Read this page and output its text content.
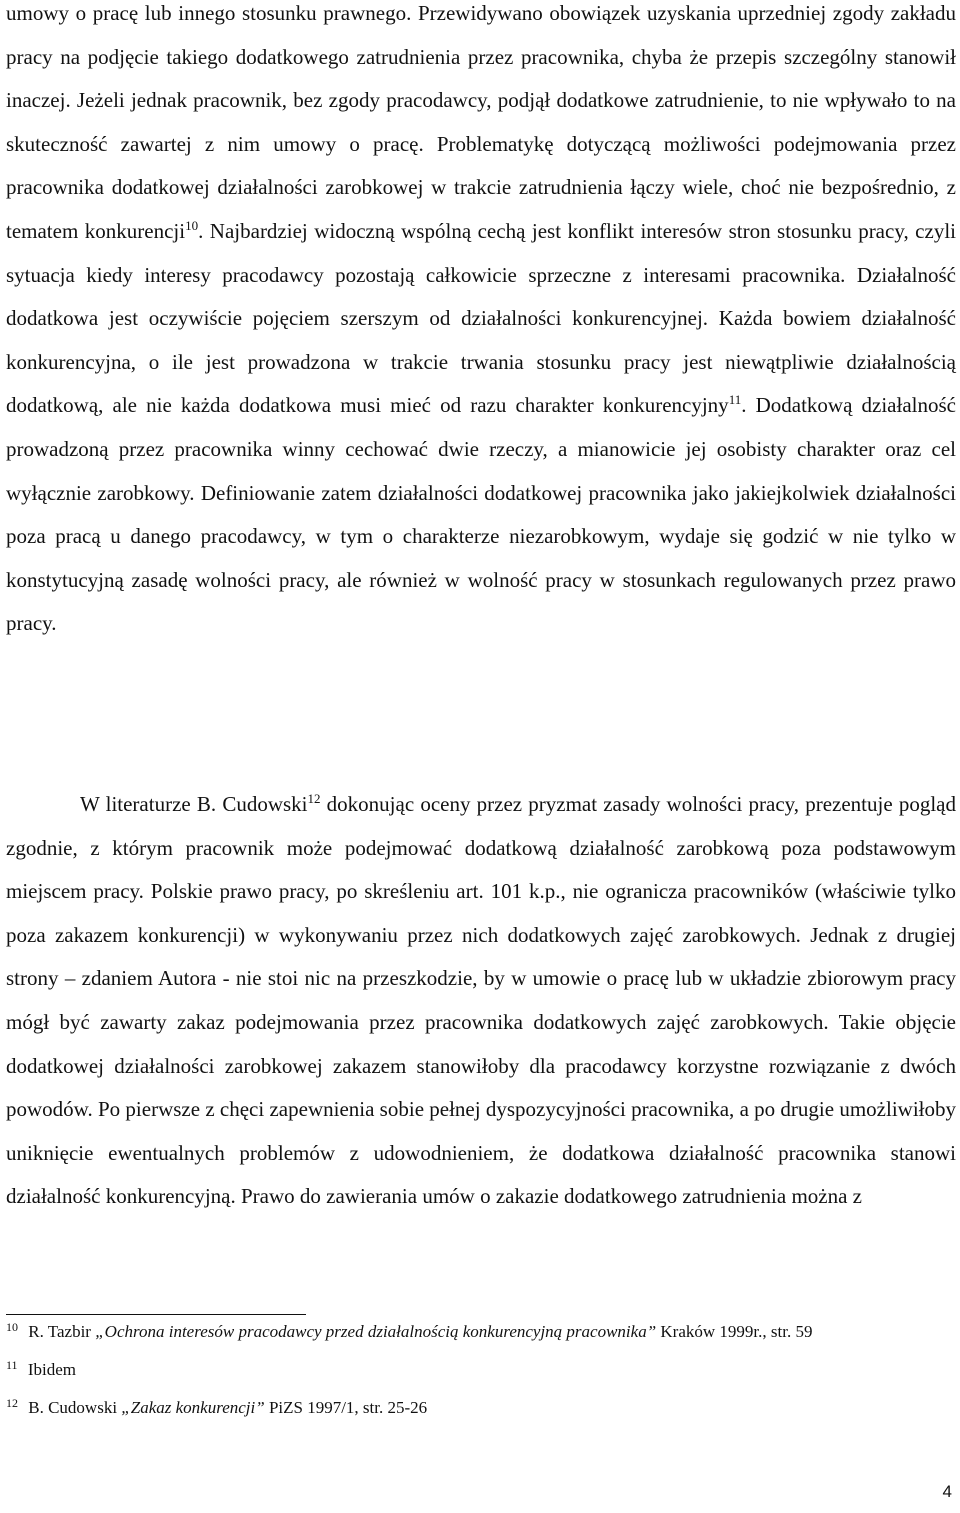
umowy o pracę lub innego stosunku prawnego. Przewidywano obowiązek uzyskania uprzedniej zgody zakładu pracy na podjęcie takiego dodatkowego zatrudnienia przez pracownika, chyba że przepis szczególny stanowił inaczej. Jeżeli jednak pracownik, bez zgody pracodawcy, podjął dodatkowe zatrudnienie, to nie wpływało to na skuteczność zawartej z nim umowy o pracę. Problematykę dotyczącą możliwości podejmowania przez pracownika dodatkowej działalności zarobkowej w trakcie zatrudnienia łączy wiele, choć nie bezpośrednio, z tematem konkurencji$^{10}$. Najbardziej widoczną wspólną cechą jest konflikt interesów stron stosunku pracy, czyli sytuacja kiedy interesy pracodawcy pozostają całkowicie sprzeczne z interesami pracownika. Działalność dodatkowa jest oczywiście pojęciem szerszym od działalności konkurencyjnej. Każda bowiem działalność konkurencyjna, o ile jest prowadzona w trakcie trwania stosunku pracy jest niewątpliwie działalnością dodatkową, ale nie każda dodatkowa musi mieć od razu charakter konkurencyjny$^{11}$. Dodatkową działalność prowadzoną przez pracownika winny cechować dwie rzeczy, a mianowicie jej osobisty charakter oraz cel wyłącznie zarobkowy. Definiowanie zatem działalności dodatkowej pracownika jako jakiejkolwiek działalności poza pracą u danego pracodawcy, w tym o charakterze niezarobkowym, wydaje się godzić w nie tylko w konstytucyjną zasadę wolności pracy, ale również w wolność pracy w stosunkach regulowanych przez prawo pracy.

W literaturze B. Cudowski$^{12}$ dokonując oceny przez pryzmat zasady wolności pracy, prezentuje pogląd zgodnie, z którym pracownik może podejmować dodatkową działalność zarobkową poza podstawowym miejscem pracy. Polskie prawo pracy, po skreśleniu art. 101 k.p., nie ogranicza pracowników (właściwie tylko poza zakazem konkurencji) w wykonywaniu przez nich dodatkowych zajęć zarobkowych. Jednak z drugiej strony – zdaniem Autora - nie stoi nic na przeszkodzie, by w umowie o pracę lub w układzie zbiorowym pracy mógł być zawarty zakaz podejmowania przez pracownika dodatkowych zajęć zarobkowych. Takie objęcie dodatkowej działalności zarobkowej zakazem stanowiłoby dla pracodawcy korzystne rozwiązanie z dwóch powodów. Po pierwsze z chęci zapewnienia sobie pełnej dyspozycyjności pracownika, a po drugie umożliwiłoby uniknięcie ewentualnych problemów z udowodnieniem, że dodatkowa działalność pracownika stanowi działalność konkurencyjną. Prawo do zawierania umów o zakazie dodatkowego zatrudnienia można z

$^{10}$ R. Tazbir „Ochrona interesów pracodawcy przed działalnością konkurencyjną pracownika” Kraków 1999r., str. 59
$^{11}$ Ibidem
$^{12}$ B. Cudowski „Zakaz konkurencji” PiZS 1997/1, str. 25-26
4
